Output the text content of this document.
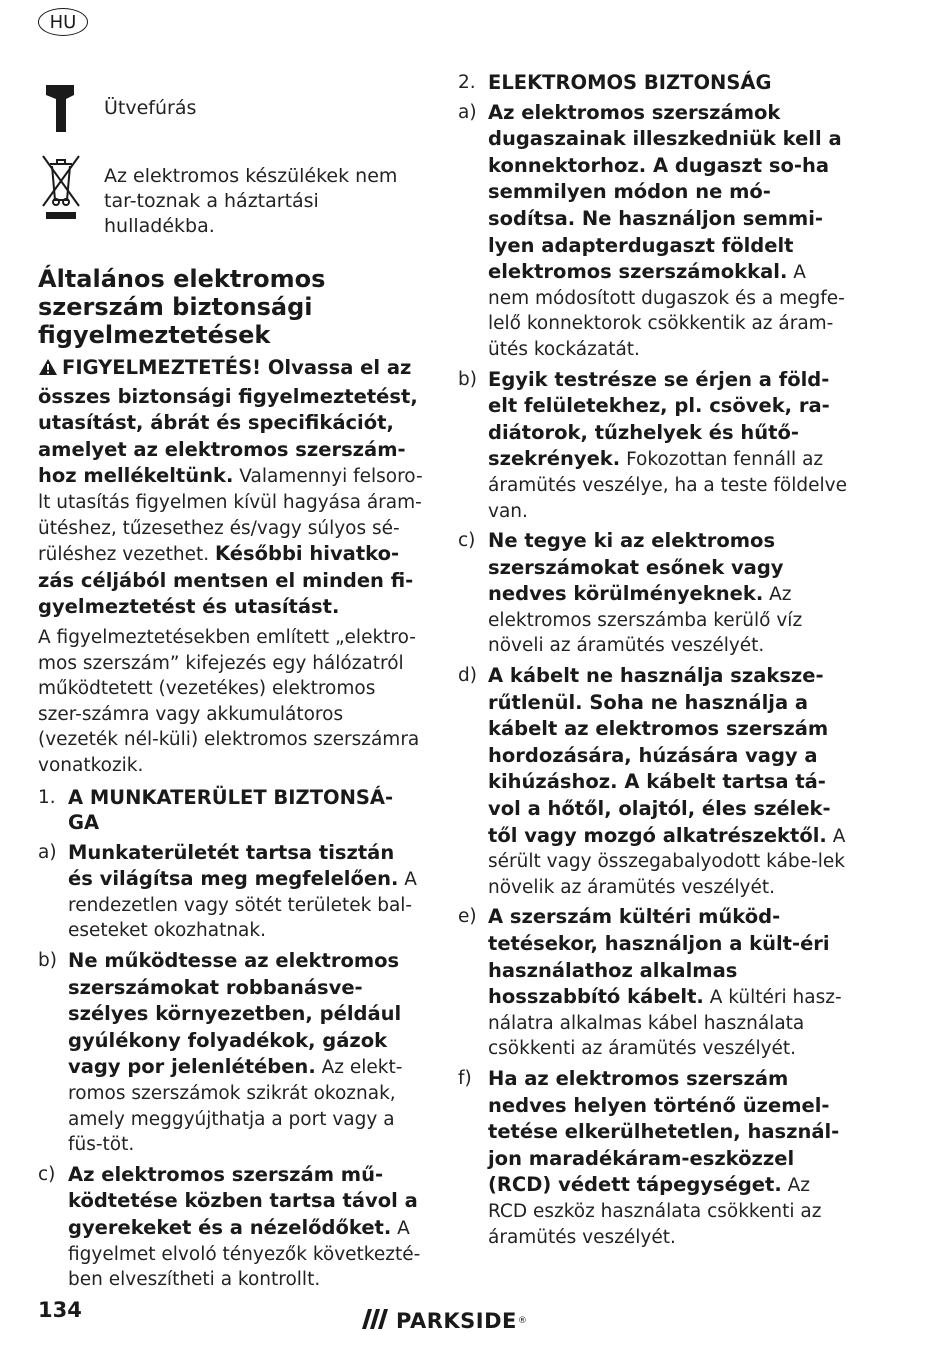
HU
Ütvefúrás
Az elektromos készülékek nem tar-toznak a háztartási hulladékba.
Általános elektromos szerszám biztonsági figyelmeztetések

FIGYELMEZTETÉS! Olvassa el az összes biztonsági figyelmeztetést, utasítást, ábrát és specifikációt, amelyet az elektromos szerszám-hoz mellékeltünk. Valamennyi felsoro-lt utasítás figyelmen kívül hagyása áram-ütéshez, tűzesethez és/vagy súlyos sé-rüléshez vezethet. Későbbi hivatko-zás céljából mentsen el minden fi-gyelmeztetést és utasítást.

A figyelmeztetésekben említett „elektro-mos szerszám” kifejezés egy hálózatról működtetett (vezetékes) elektromos szer-számra vagy akkumulátoros (vezeték nél-küli) elektromos szerszámra vonatkozik.

1. A MUNKATERÜLET BIZTONSÁ-GA
a) Munkaterületét tartsa tisztán és világítsa meg megfelelően. A rendezetlen vagy sötét területek bal-eseteket okozhatnak.
b) Ne működtesse az elektromos szerszámokat robbanásve-szélyes környezetben, például gyúlékony folyadékok, gázok vagy por jelenlétében. Az elekt-romos szerszámok szikrát okoznak, amely meggyújthatja a port vagy a füs-töt.
c) Az elektromos szerszám mű-ködtetése közben tartsa távol a gyerekeket és a nézelődőket. A figyelmet elvoló tényezők következté-ben elveszítheti a kontrollt.
2. ELEKTROMOS BIZTONSÁG
a) Az elektromos szerszámok dugaszainak illeszkedniük kell a konnektorhoz. A dugaszt so-ha semmilyen módon ne mó-sodítsa. Ne használjon semmi-lyen adapterdugaszt földelt elektromos szerszámokkal. A nem módosított dugaszok és a megfe-lelő konnektorok csökkentik az áram-ütés kockázatát.
b) Egyik testrésze se érjen a föld-elt felületekhez, pl. csövek, ra-diátorok, tűzhelyek és hűtő-szekrények. Fokozottan fennáll az áramütés veszélye, ha a teste földelve van.
c) Ne tegye ki az elektromos szerszámokat esőnek vagy nedves körülményeknek. Az elektromos szerszámba kerülő víz növeli az áramütés veszélyét.
d) A kábelt ne használja szaksze-rűtlenül. Soha ne használja a kábelt az elektromos szerszám hordozására, húzására vagy a kihúzáshoz. A kábelt tartsa tá-vol a hőtől, olajtól, éles szélek-től vagy mozgó alkatrészektől. A sérült vagy összegabalyodott kábe-lek növelik az áramütés veszélyét.
e) A szerszám kültéri működ-tetésekor, használjon a kült-éri használathoz alkalmas hosszabbító kábelt. A kültéri hasz-nálatra alkalmas kábel használata csökkenti az áramütés veszélyét.
f) Ha az elektromos szerszám nedves helyen történő üzemel-tetése elkerülhetetlen, használ-jon maradékáram-eszközzel (RCD) védett tápegységet. Az RCD eszköz használata csökkenti az áramütés veszélyét.
134	PARKSIDE ®
